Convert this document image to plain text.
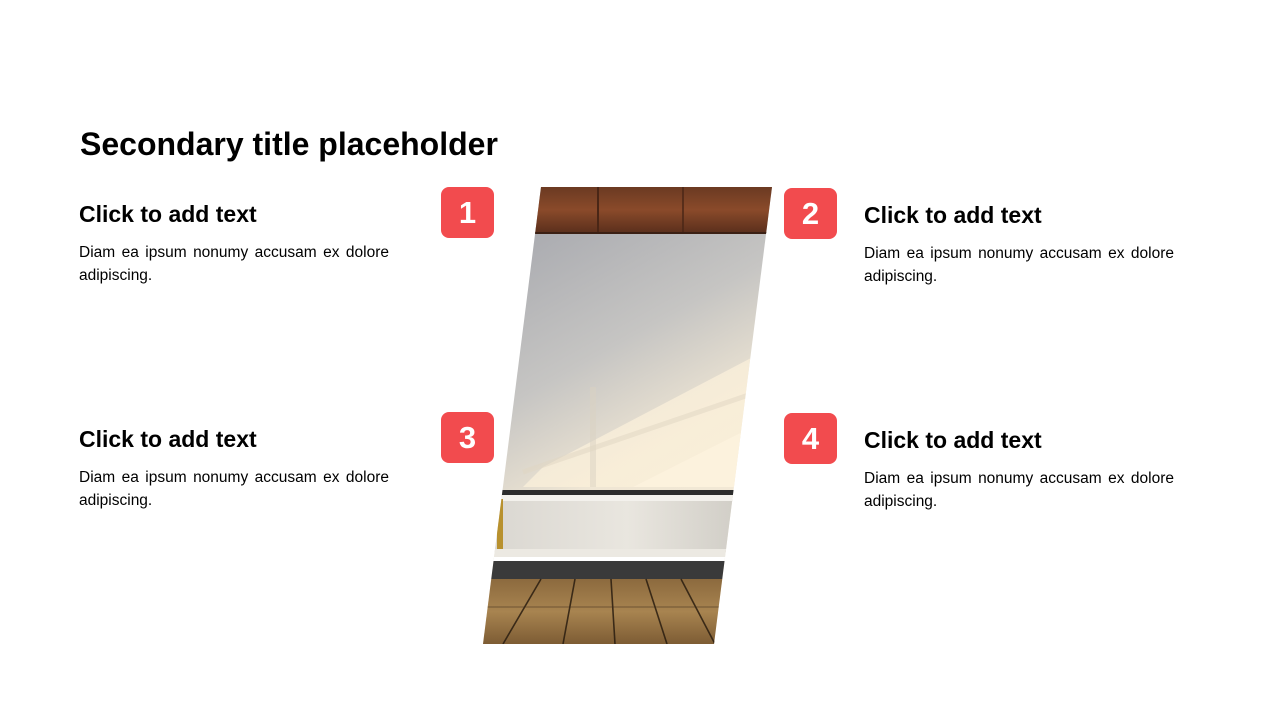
Secondary title placeholder
Click to add text
Diam ea ipsum nonumy accusam ex dolore adipiscing.
1	2	Click to add text
Diam ea ipsum nonumy accusam ex dolore adipiscing.
Click to add text
Diam ea ipsum nonumy accusam ex dolore adipiscing.
3	4	Click to add text
Diam ea ipsum nonumy accusam ex dolore adipiscing.
